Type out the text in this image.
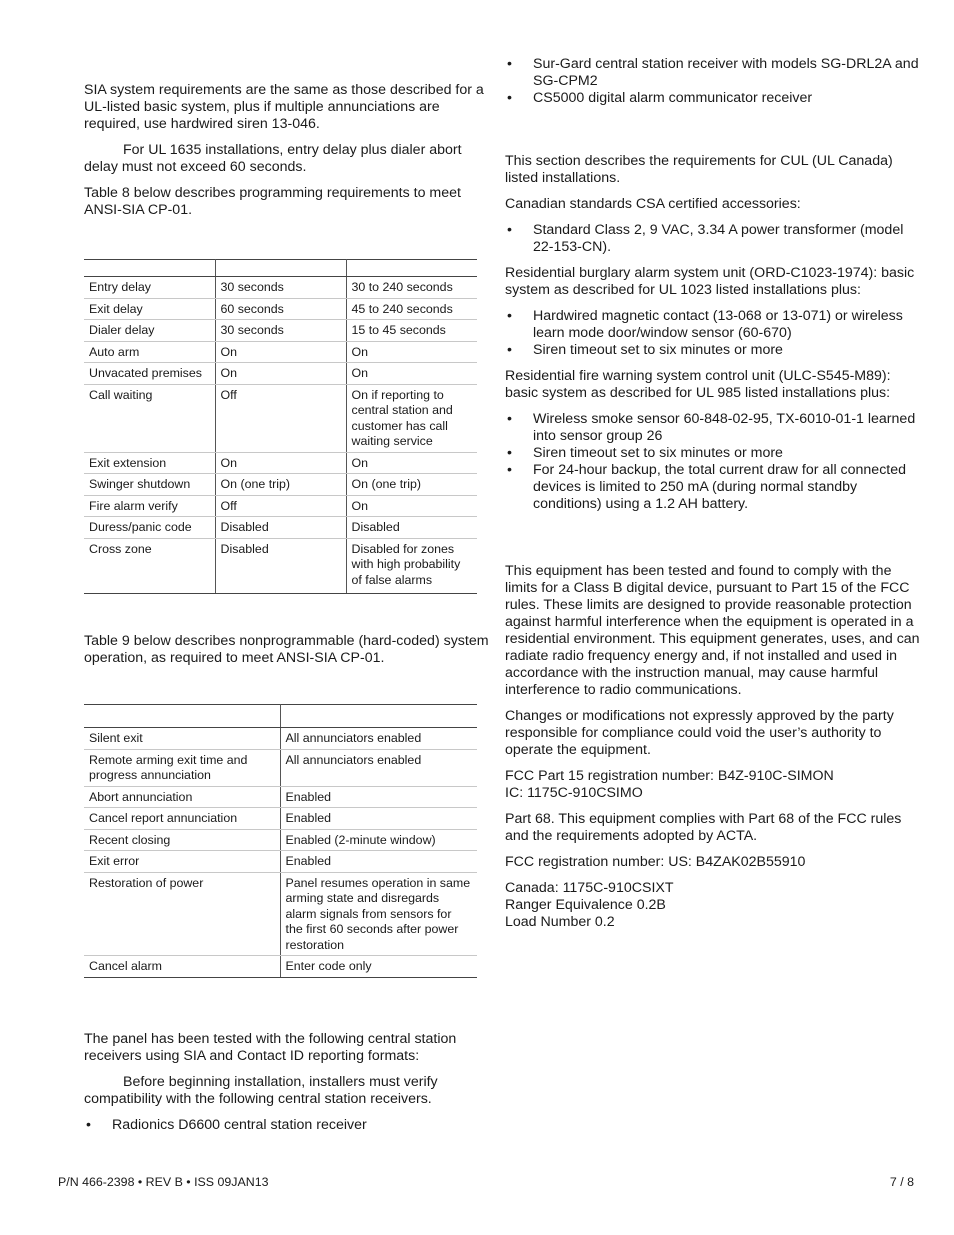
SIA system requirements are the same as those described for a UL-listed basic system, plus if multiple annunciations are required, use hardwired siren 13-046.

For UL 1635 installations, entry delay plus dialer abort delay must not exceed 60 seconds.

Table 8 below describes programming requirements to meet ANSI-SIA CP-01.

Entry delay	30 seconds	30 to 240 seconds
Exit delay	60 seconds	45 to 240 seconds
Dialer delay	30 seconds	15 to 45 seconds
Auto arm	On	On
Unvacated premises	On	On
Call waiting	Off	On if reporting to central station and customer has call waiting service
Exit extension	On	On
Swinger shutdown	On (one trip)	On (one trip)
Fire alarm verify	Off	On
Duress/panic code	Disabled	Disabled
Cross zone	Disabled	Disabled for zones with high probability of false alarms

Table 9 below describes nonprogrammable (hard-coded) system operation, as required to meet ANSI-SIA CP-01.

Silent exit	All annunciators enabled
Remote arming exit time and progress annunciation	All annunciators enabled
Abort annunciation	Enabled
Cancel report annunciation	Enabled
Recent closing	Enabled (2-minute window)
Exit error	Enabled
Restoration of power	Panel resumes operation in same arming state and disregards alarm signals from sensors for the first 60 seconds after power restoration
Cancel alarm	Enter code only

The panel has been tested with the following central station receivers using SIA and Contact ID reporting formats:

Before beginning installation, installers must verify compatibility with the following central station receivers.

• Radionics D6600 central station receiver
• Sur-Gard central station receiver with models SG-DRL2A and SG-CPM2
• CS5000 digital alarm communicator receiver

This section describes the requirements for CUL (UL Canada) listed installations.

Canadian standards CSA certified accessories:

• Standard Class 2, 9 VAC, 3.34 A power transformer (model 22-153-CN).

Residential burglary alarm system unit (ORD-C1023-1974): basic system as described for UL 1023 listed installations plus:

• Hardwired magnetic contact (13-068 or 13-071) or wireless learn mode door/window sensor (60-670)
• Siren timeout set to six minutes or more

Residential fire warning system control unit (ULC-S545-M89): basic system as described for UL 985 listed installations plus:

• Wireless smoke sensor 60-848-02-95, TX-6010-01-1 learned into sensor group 26
• Siren timeout set to six minutes or more
• For 24-hour backup, the total current draw for all connected devices is limited to 250 mA (during normal standby conditions) using a 1.2 AH battery.

This equipment has been tested and found to comply with the limits for a Class B digital device, pursuant to Part 15 of the FCC rules. These limits are designed to provide reasonable protection against harmful interference when the equipment is operated in a residential environment. This equipment generates, uses, and can radiate radio frequency energy and, if not installed and used in accordance with the instruction manual, may cause harmful interference to radio communications.

Changes or modifications not expressly approved by the party responsible for compliance could void the user’s authority to operate the equipment.

FCC Part 15 registration number: B4Z-910C-SIMON
IC: 1175C-910CSIMO

Part 68. This equipment complies with Part 68 of the FCC rules and the requirements adopted by ACTA.

FCC registration number: US: B4ZAK02B55910

Canada: 1175C-910CSIXT
Ranger Equivalence 0.2B
Load Number 0.2

P/N 466-2398 • REV B • ISS 09JAN13	7 / 8
